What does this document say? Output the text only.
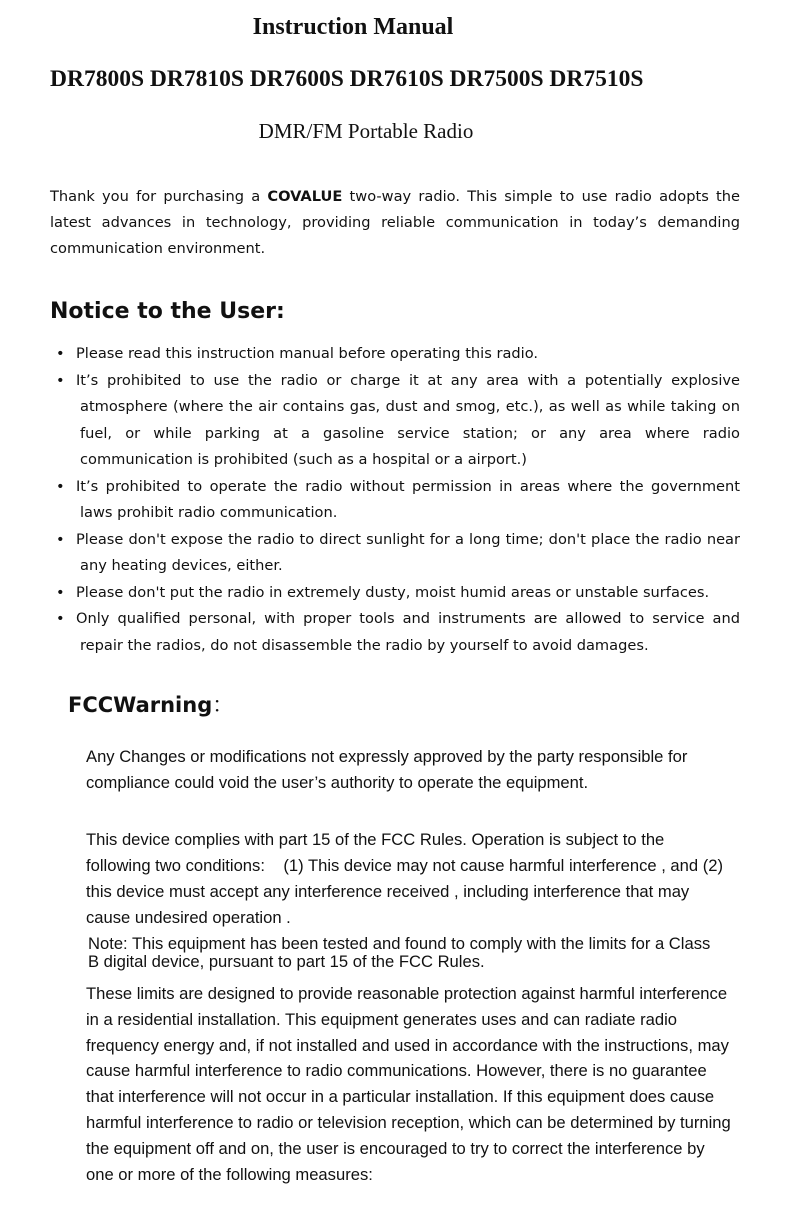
Instruction Manual
DR7800S DR7810S DR7600S DR7610S DR7500S DR7510S
DMR/FM Portable Radio
Thank you for purchasing a COVALUE two-way radio. This simple to use radio adopts the latest advances in technology, providing reliable communication in today’s demanding communication environment.
Notice to the User:
• Please read this instruction manual before operating this radio.
• It’s prohibited to use the radio or charge it at any area with a potentially explosive atmosphere (where the air contains gas, dust and smog, etc.), as well as while taking on fuel, or while parking at a gasoline service station; or any area where radio communication is prohibited (such as a hospital or a airport.)
• It’s prohibited to operate the radio without permission in areas where the government laws prohibit radio communication.
• Please don't expose the radio to direct sunlight for a long time; don't place the radio near any heating devices, either.
• Please don't put the radio in extremely dusty, moist humid areas or unstable surfaces.
• Only qualified personal, with proper tools and instruments are allowed to service and repair the radios, do not disassemble the radio by yourself to avoid damages.
FCCWarning：
Any Changes or modifications not expressly approved by the party responsible for
compliance could void the user’s authority to operate the equipment.
This device complies with part 15 of the FCC Rules. Operation is subject to the
following two conditions:    (1) This device may not cause harmful interference , and (2)
this device must accept any interference received , including interference that may
cause undesired operation .
Note: This equipment has been tested and found to comply with the limits for a Class
B digital device, pursuant to part 15 of the FCC Rules.
These limits are designed to provide reasonable protection against harmful interference
in a residential installation. This equipment generates uses and can radiate radio
frequency energy and, if not installed and used in accordance with the instructions, may
cause harmful interference to radio communications. However, there is no guarantee
that interference will not occur in a particular installation. If this equipment does cause
harmful interference to radio or television reception, which can be determined by turning
the equipment off and on, the user is encouraged to try to correct the interference by
one or more of the following measures:
